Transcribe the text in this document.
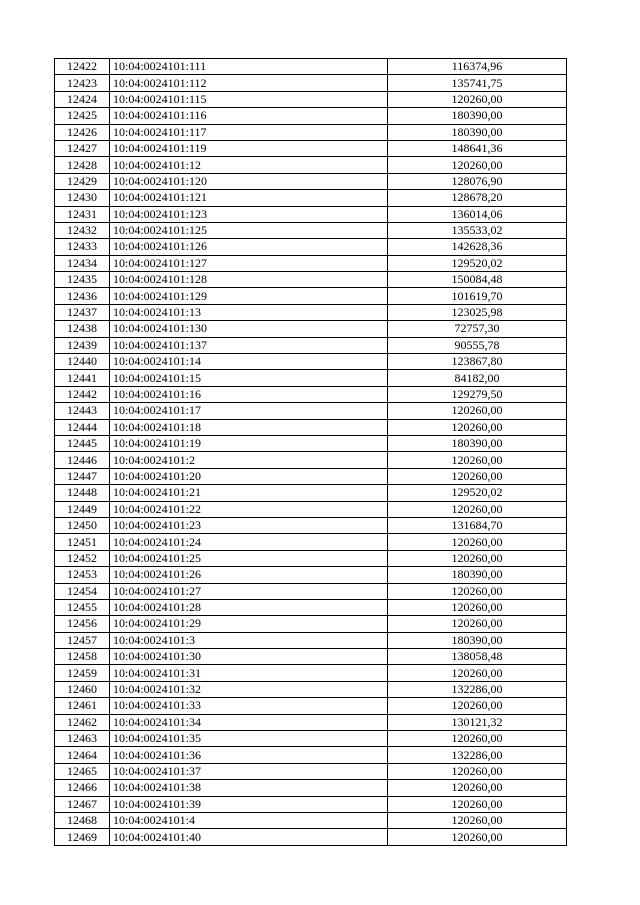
12422	10:04:0024101:111	116374,96
12423	10:04:0024101:112	135741,75
12424	10:04:0024101:115	120260,00
12425	10:04:0024101:116	180390,00
12426	10:04:0024101:117	180390,00
12427	10:04:0024101:119	148641,36
12428	10:04:0024101:12	120260,00
12429	10:04:0024101:120	128076,90
12430	10:04:0024101:121	128678,20
12431	10:04:0024101:123	136014,06
12432	10:04:0024101:125	135533,02
12433	10:04:0024101:126	142628,36
12434	10:04:0024101:127	129520,02
12435	10:04:0024101:128	150084,48
12436	10:04:0024101:129	101619,70
12437	10:04:0024101:13	123025,98
12438	10:04:0024101:130	72757,30
12439	10:04:0024101:137	90555,78
12440	10:04:0024101:14	123867,80
12441	10:04:0024101:15	84182,00
12442	10:04:0024101:16	129279,50
12443	10:04:0024101:17	120260,00
12444	10:04:0024101:18	120260,00
12445	10:04:0024101:19	180390,00
12446	10:04:0024101:2	120260,00
12447	10:04:0024101:20	120260,00
12448	10:04:0024101:21	129520,02
12449	10:04:0024101:22	120260,00
12450	10:04:0024101:23	131684,70
12451	10:04:0024101:24	120260,00
12452	10:04:0024101:25	120260,00
12453	10:04:0024101:26	180390,00
12454	10:04:0024101:27	120260,00
12455	10:04:0024101:28	120260,00
12456	10:04:0024101:29	120260,00
12457	10:04:0024101:3	180390,00
12458	10:04:0024101:30	138058,48
12459	10:04:0024101:31	120260,00
12460	10:04:0024101:32	132286,00
12461	10:04:0024101:33	120260,00
12462	10:04:0024101:34	130121,32
12463	10:04:0024101:35	120260,00
12464	10:04:0024101:36	132286,00
12465	10:04:0024101:37	120260,00
12466	10:04:0024101:38	120260,00
12467	10:04:0024101:39	120260,00
12468	10:04:0024101:4	120260,00
12469	10:04:0024101:40	120260,00
